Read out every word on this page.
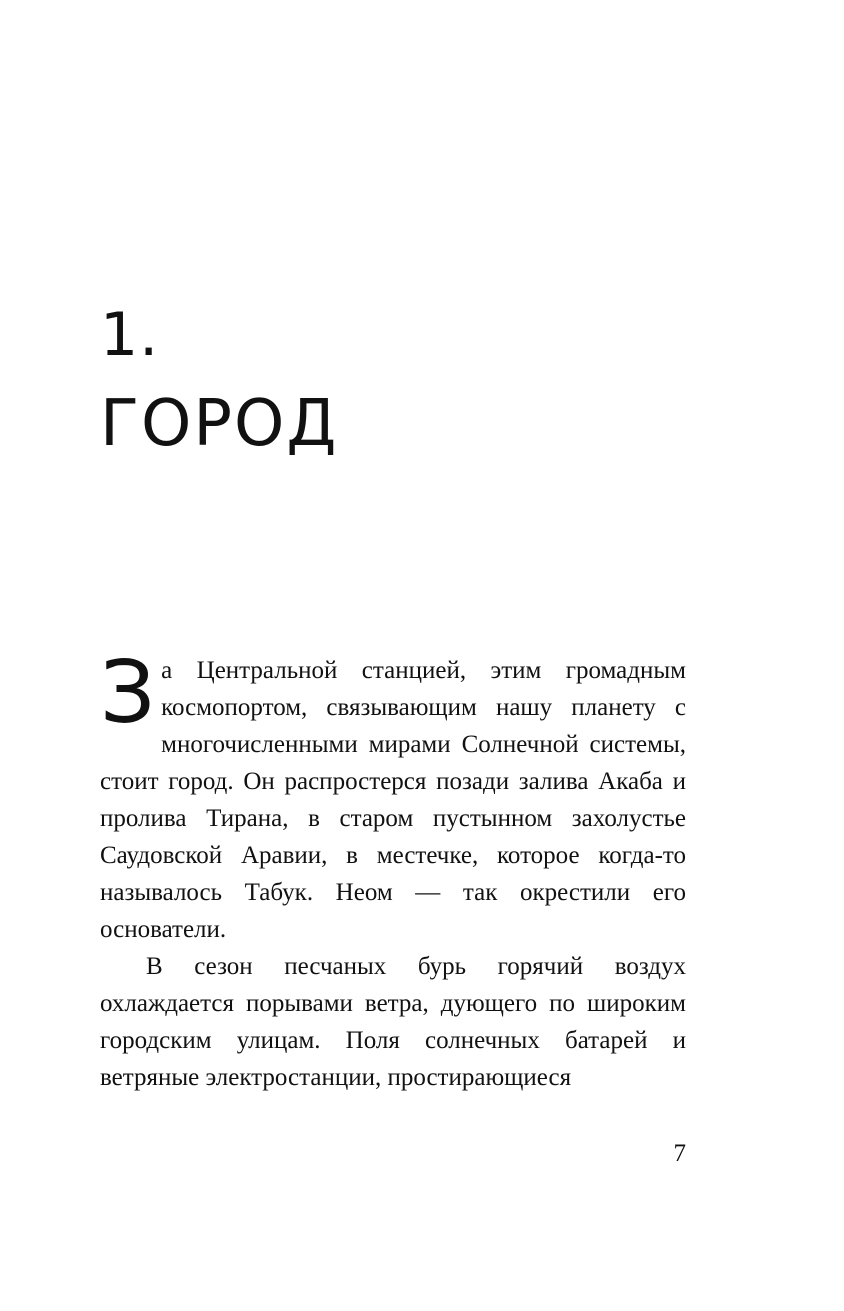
1.
ГОРОД

За Центральной станцией, этим громадным космопортом, связывающим нашу планету с многочисленными мирами Солнечной системы, стоит город. Он распростерся позади залива Акаба и пролива Тирана, в старом пустынном захолустье Саудовской Аравии, в местечке, которое когда-то называлось Табук. Неом — так окрестили его основатели.

В сезон песчаных бурь горячий воздух охлаждается порывами ветра, дующего по широким городским улицам. Поля солнечных батарей и ветряные электростанции, простирающиеся

7
